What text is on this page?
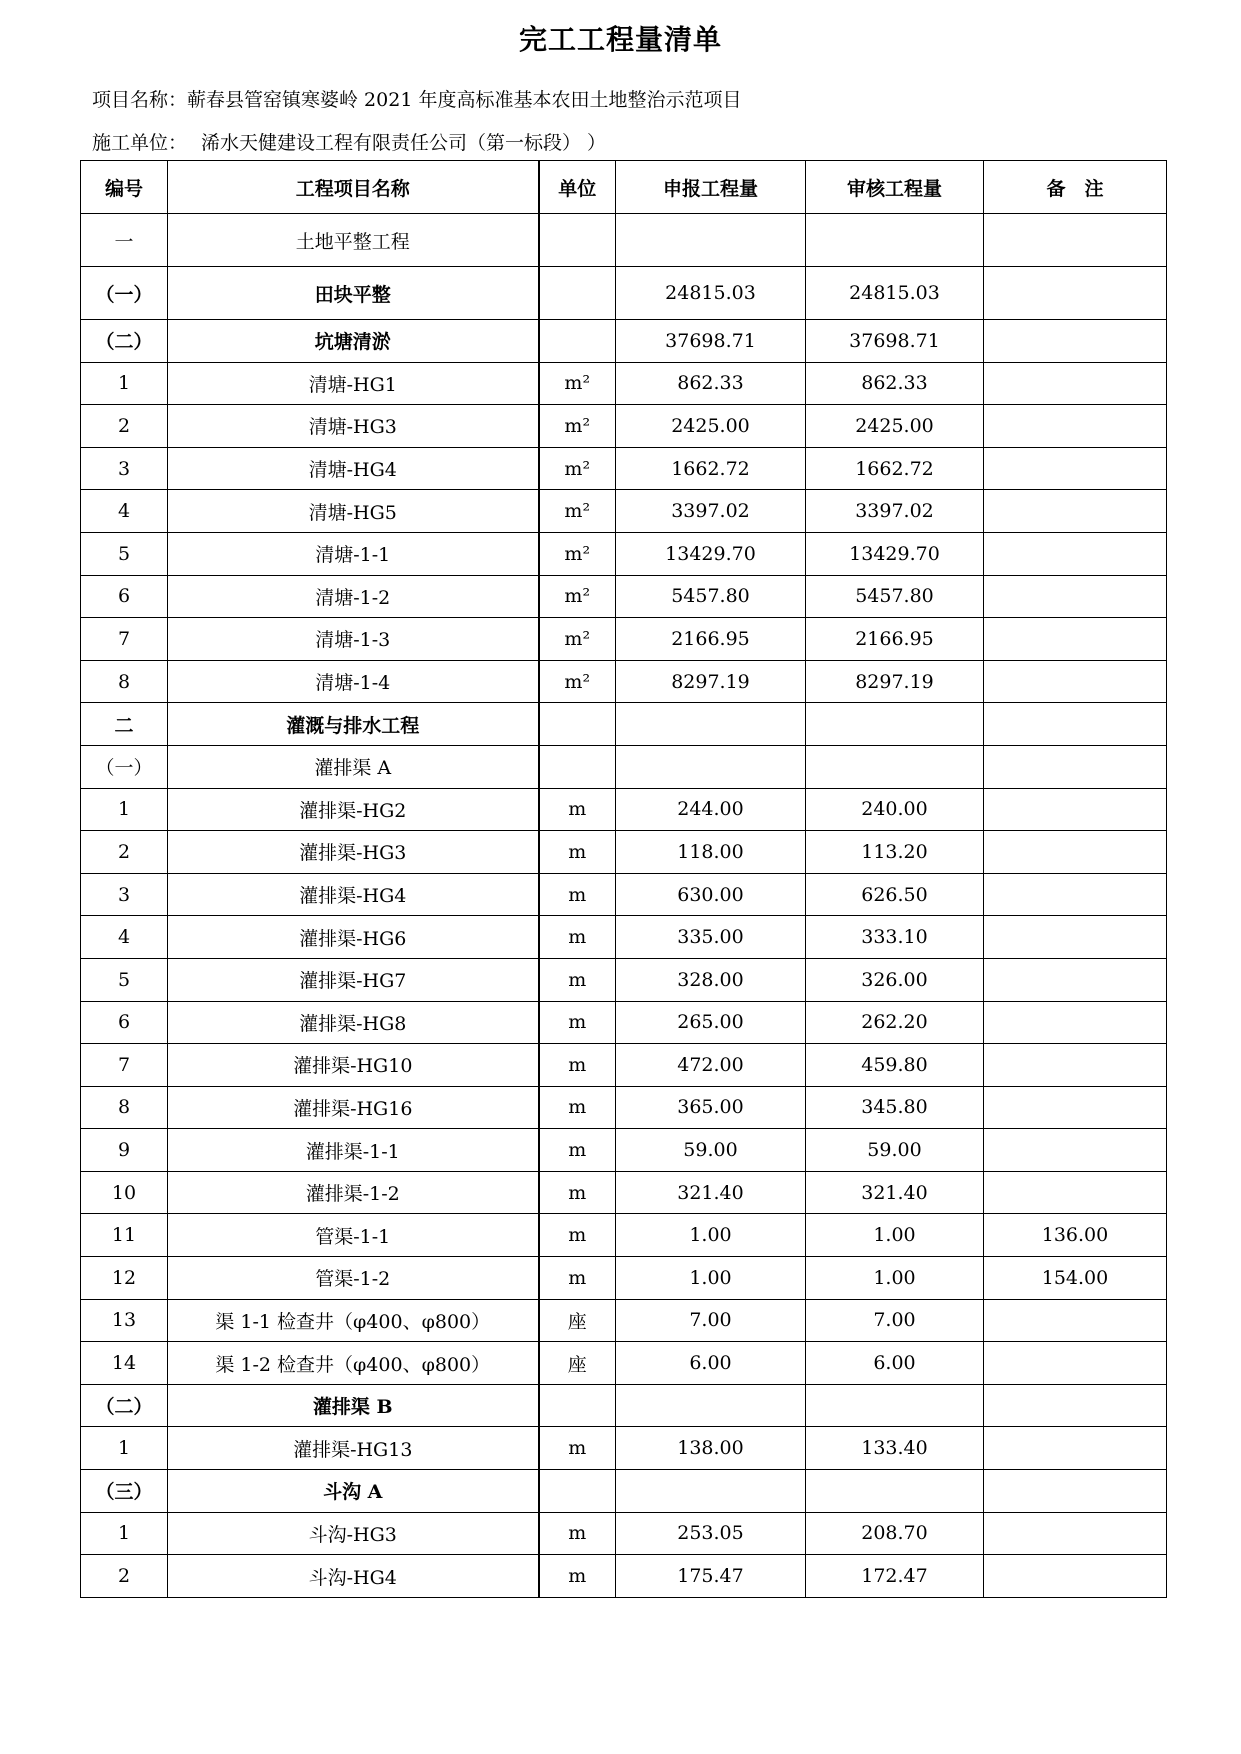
完工工程量清单
项目名称：蕲春县管窑镇寒婆岭 2021 年度高标准基本农田土地整治示范项目
施工单位： 浠水天健建设工程有限责任公司（第一标段） ）
编号	工程项目名称	单位	申报工程量	审核工程量	备　注
一	土地平整工程				
（一）	田块平整		24815.03	24815.03	
（二）	坑塘清淤		37698.71	37698.71	
1	清塘-HG1	m²	862.33	862.33	
2	清塘-HG3	m²	2425.00	2425.00	
3	清塘-HG4	m²	1662.72	1662.72	
4	清塘-HG5	m²	3397.02	3397.02	
5	清塘-1-1	m²	13429.70	13429.70	
6	清塘-1-2	m²	5457.80	5457.80	
7	清塘-1-3	m²	2166.95	2166.95	
8	清塘-1-4	m²	8297.19	8297.19	
二	灌溉与排水工程				
（一）	灌排渠 A				
1	灌排渠-HG2	m	244.00	240.00	
2	灌排渠-HG3	m	118.00	113.20	
3	灌排渠-HG4	m	630.00	626.50	
4	灌排渠-HG6	m	335.00	333.10	
5	灌排渠-HG7	m	328.00	326.00	
6	灌排渠-HG8	m	265.00	262.20	
7	灌排渠-HG10	m	472.00	459.80	
8	灌排渠-HG16	m	365.00	345.80	
9	灌排渠-1-1	m	59.00	59.00	
10	灌排渠-1-2	m	321.40	321.40	
11	管渠-1-1	m	1.00	1.00	136.00
12	管渠-1-2	m	1.00	1.00	154.00
13	渠 1-1 检查井（φ400、φ800）	座	7.00	7.00	
14	渠 1-2 检查井（φ400、φ800）	座	6.00	6.00	
（二）	灌排渠 B				
1	灌排渠-HG13	m	138.00	133.40	
（三）	斗沟 A				
1	斗沟-HG3	m	253.05	208.70	
2	斗沟-HG4	m	175.47	172.47	
